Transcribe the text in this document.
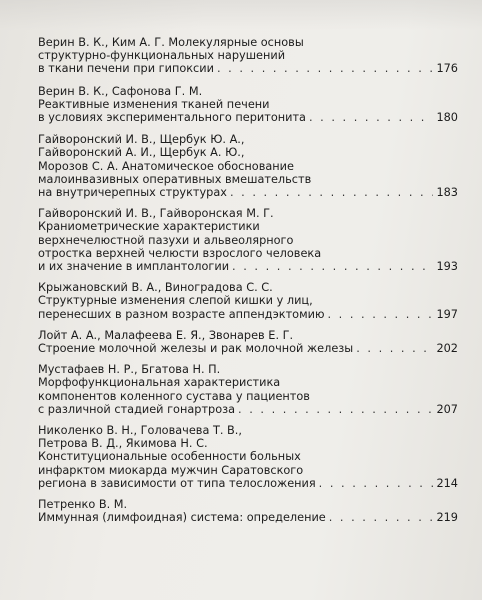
Верин В. К., Ким А. Г. Молекулярные основы
структурно-функциональных нарушений
в ткани печени при гипоксии . . .	176
Верин В. К., Сафонова Г. М.
Реактивные изменения тканей печени
в условиях экспериментального перитонита . . .	180
Гайворонский И. В., Щербук Ю. А.,
Гайворонский А. И., Щербук А. Ю.,
Морозов С. А. Анатомическое обоснование
малоинвазивных оперативных вмешательств
на внутричерепных структурах . . .	183
Гайворонский И. В., Гайворонская М. Г.
Краниометрические характеристики
верхнечелюстной пазухи и альвеолярного
отростка верхней челюсти взрослого человека
и их значение в имплантологии . . .	193
Крыжановский В. А., Виноградова С. С.
Структурные изменения слепой кишки у лиц,
перенесших в разном возрасте аппендэктомию . . .	197
Лойт А. А., Малафеева Е. Я., Звонарев Е. Г.
Строение молочной железы и рак молочной железы . . .	202
Мустафаев Н. Р., Бгатова Н. П.
Морфофункциональная характеристика
компонентов коленного сустава у пациентов
с различной стадией гонартроза . . .	207
Николенко В. Н., Головачева Т. В.,
Петрова В. Д., Якимова Н. С.
Конституциональные особенности больных
инфарктом миокарда мужчин Саратовского
региона в зависимости от типа телосложения . . .	214
Петренко В. М.
Иммунная (лимфоидная) система: определение . . .	219
